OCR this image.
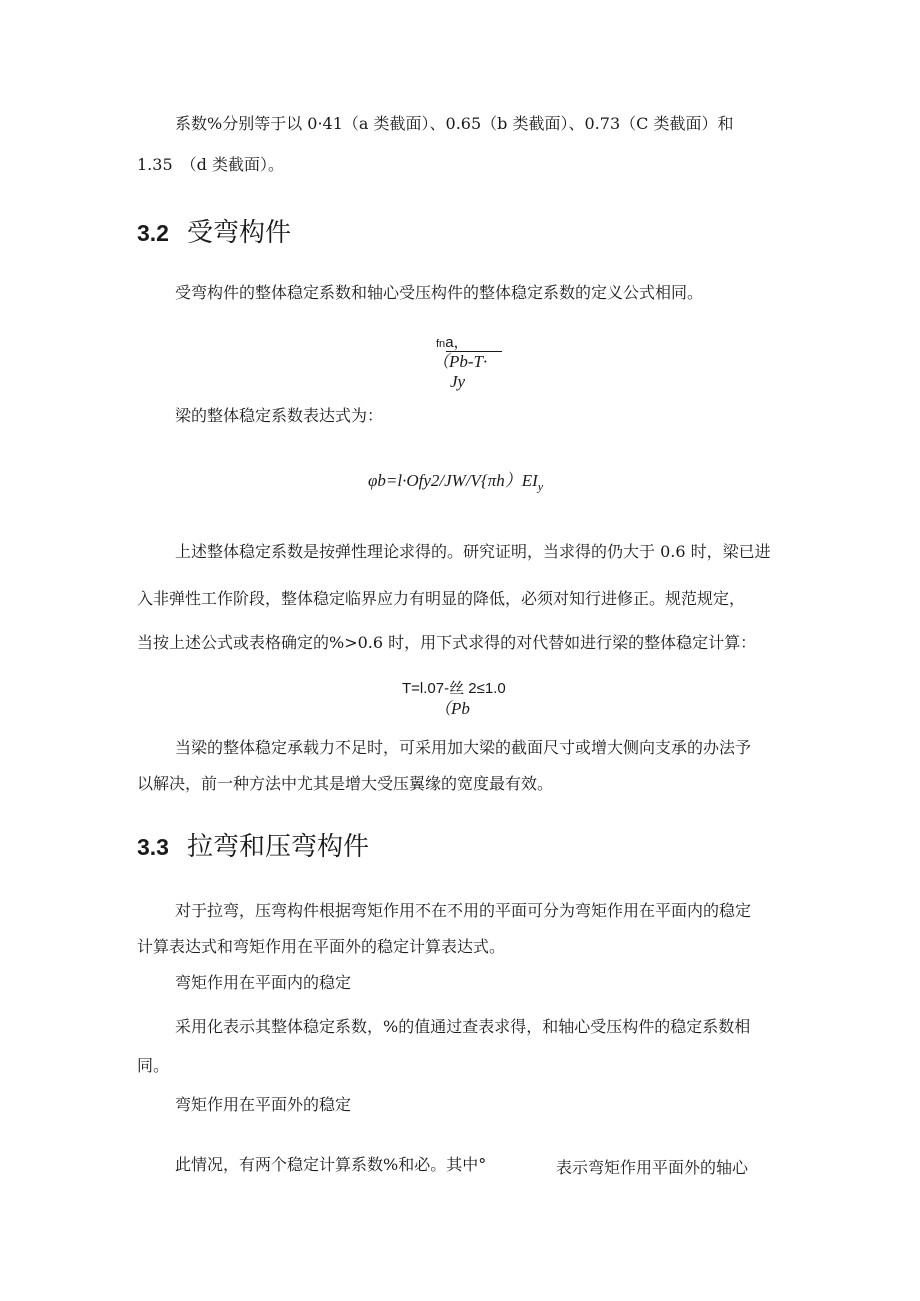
系数%分别等于以 0·41（a 类截面）、0.65（b 类截面）、0.73（C 类截面）和
1.35　（d 类截面）。
3.2 受弯构件
受弯构件的整体稳定系数和轴心受压构件的整体稳定系数的定义公式相同。
fna，
（Pb-T·
Jy
梁的整体稳定系数表达式为：
$\varphi b=l\cdot Ofy2/JW/V\{\pi h)EI_y$
上述整体稳定系数是按弹性理论求得的。研究证明，当求得的仍大于 0.6 时，梁已进
入非弹性工作阶段，整体稳定临界应力有明显的降低，必须对知行进修正。规范规定，
当按上述公式或表格确定的%>0.6 时，用下式求得的对代替如进行梁的整体稳定计算：
T=l.07-丝 2≤1.0
（Pb
当梁的整体稳定承载力不足时，可采用加大梁的截面尺寸或增大侧向支承的办法予
以解决，前一种方法中尤其是增大受压翼缘的宽度最有效。
3.3 拉弯和压弯构件
对于拉弯，压弯构件根据弯矩作用不在不用的平面可分为弯矩作用在平面内的稳定
计算表达式和弯矩作用在平面外的稳定计算表达式。
弯矩作用在平面内的稳定
采用化表示其整体稳定系数，%的值通过查表求得，和轴心受压构件的稳定系数相
同。
弯矩作用在平面外的稳定
此情况，有两个稳定计算系数%和必。其中°	表示弯矩作用平面外的轴心
